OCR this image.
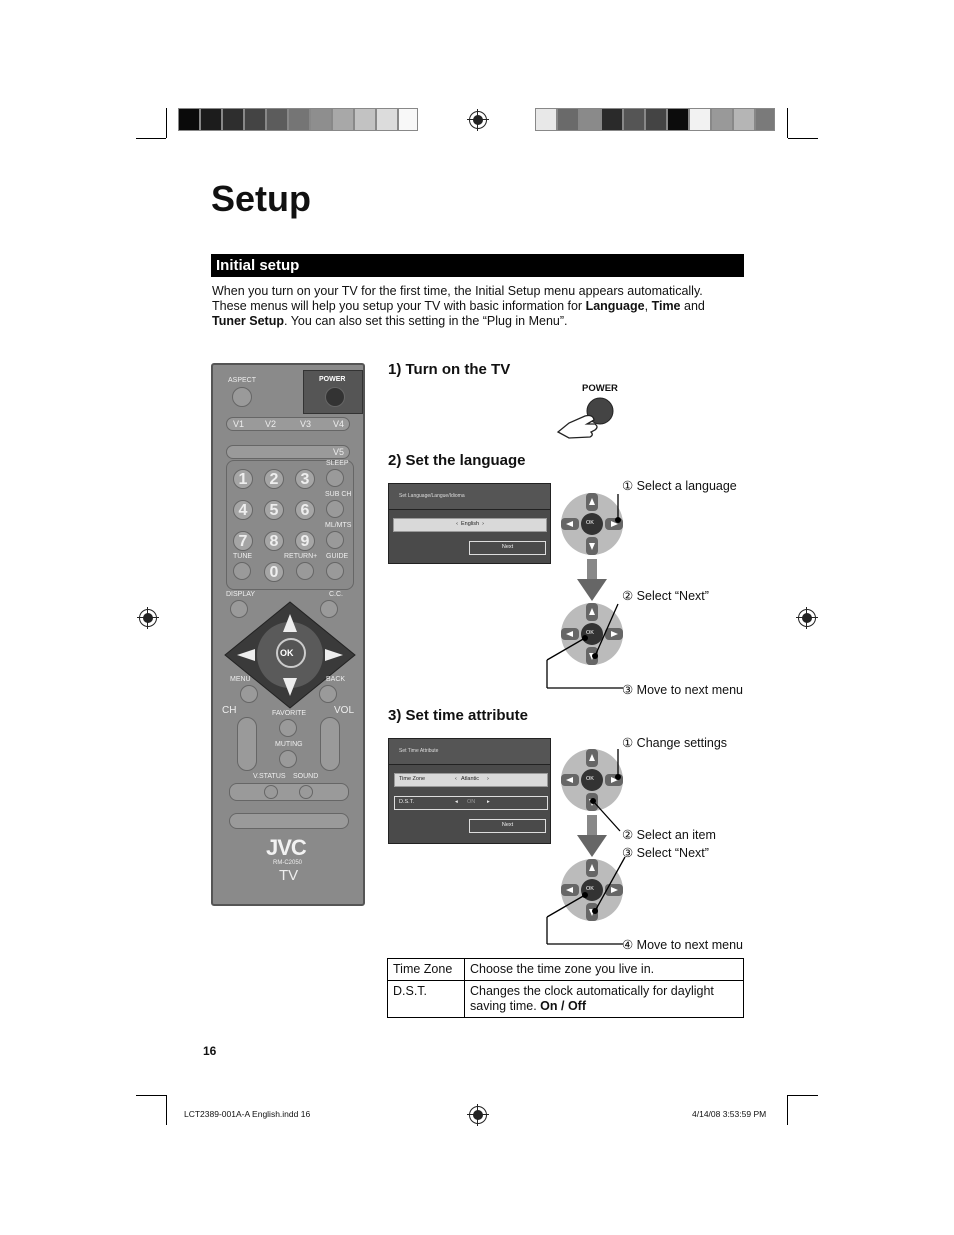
Setup
Initial setup
When you turn on your TV for the first time, the Initial Setup menu appears automatically.
These menus will help you setup your TV with basic information for Language, Time and
Tuner Setup. You can also set this setting in the “Plug in Menu”.
ASPECT	POWER
V1 V2	V3 V4
V5
SLEEP
SUB CH
ML/MTS
TUNE	RETURN+ GUIDE
1	2	3
4	5	6
7	8	9
0
DISPLAY	C.C.
OK
MENU	BACK
CH	VOL
FAVORITE
MUTING
V.STATUS SOUND
JVC
RM-C2050
TV
1) Turn on the TV
POWER
2) Set the language
Set Language/Langue/Idioma
‹  English  ›
Next
OK
OK
① Select a language
② Select “Next”
③ Move to next menu
3) Set time attribute
Set Time Attribute
Time Zone	‹ Atlantic ›
D.S.T.	◂ ON ▸
Next
OK
OK
① Change settings
② Select an item
③ Select “Next”
④ Move to next menu
Time Zone	Choose the time zone you live in.
D.S.T.	Changes the clock automatically for daylight saving time. On / Off
16
LCT2389-001A-A English.indd 16	4/14/08 3:53:59 PM
